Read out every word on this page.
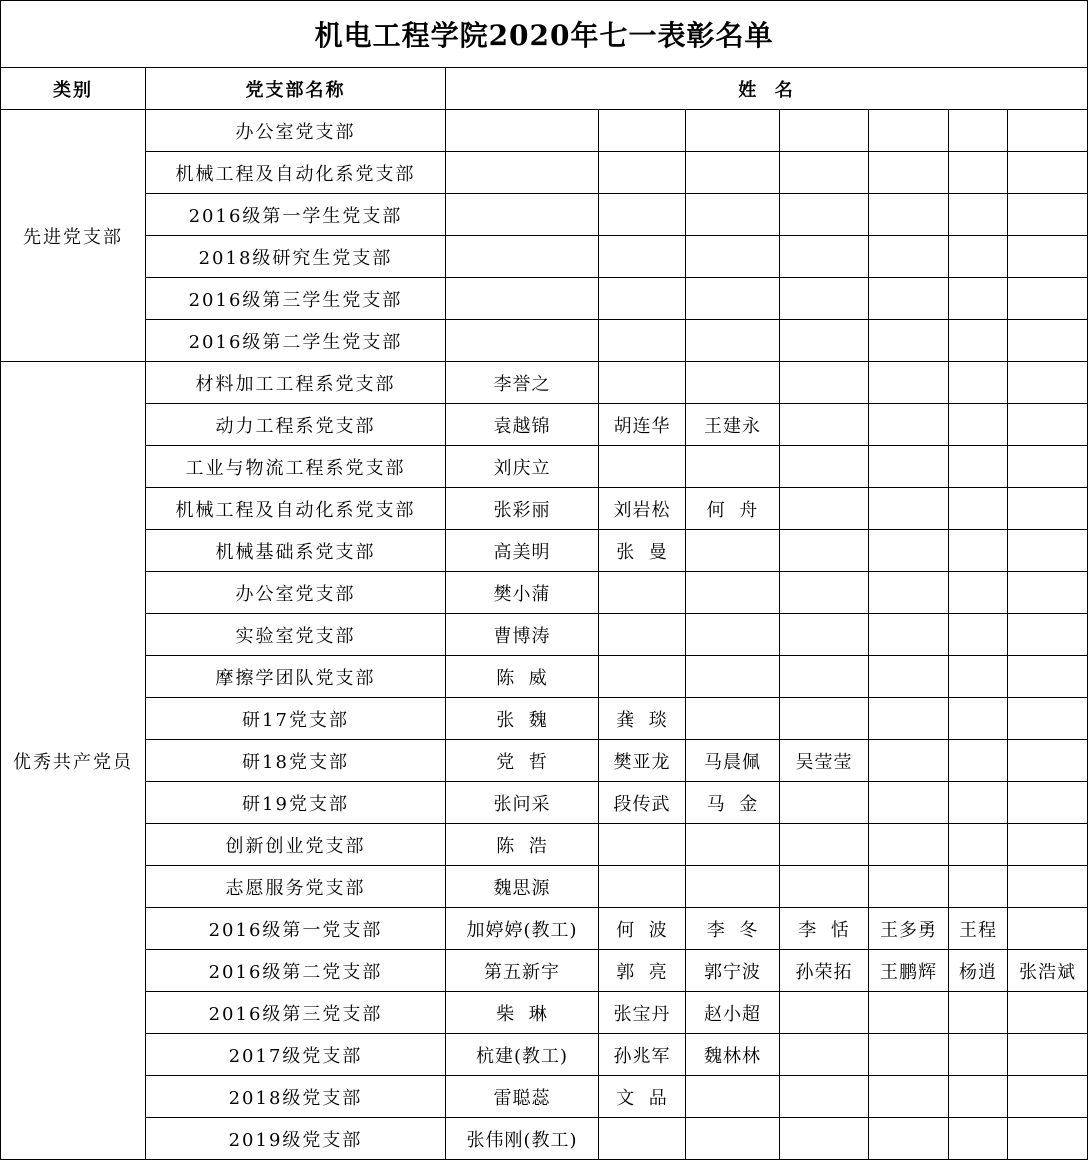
机电工程学院2020年七一表彰名单								
类别	党支部名称	姓  名						
先进党支部	办公室党支部							
	机械工程及自动化系党支部							
	2016级第一学生党支部							
	2018级研究生党支部							
	2016级第三学生党支部							
	2016级第二学生党支部							
优秀共产党员	材料加工工程系党支部	李誉之						
	动力工程系党支部	袁越锦	胡连华	王建永				
	工业与物流工程系党支部	刘庆立						
	机械工程及自动化系党支部	张彩丽	刘岩松	何  舟				
	机械基础系党支部	高美明	张  曼					
	办公室党支部	樊小蒲						
	实验室党支部	曹博涛						
	摩擦学团队党支部	陈  威						
	研17党支部	张  魏	龚  琰					
	研18党支部	党  哲	樊亚龙	马晨佩	吴莹莹			
	研19党支部	张问采	段传武	马  金				
	创新创业党支部	陈  浩						
	志愿服务党支部	魏思源						
	2016级第一党支部	加婷婷(教工)	何  波	李  冬	李  恬	王多勇	王程	
	2016级第二党支部	第五新宇	郭  亮	郭宁波	孙荣拓	王鹏辉	杨逍	张浩斌
	2016级第三党支部	柴  琳	张宝丹	赵小超				
	2017级党支部	杭建(教工)	孙兆军	魏林林				
	2018级党支部	雷聪蕊	文  品					
	2019级党支部	张伟刚(教工)						
